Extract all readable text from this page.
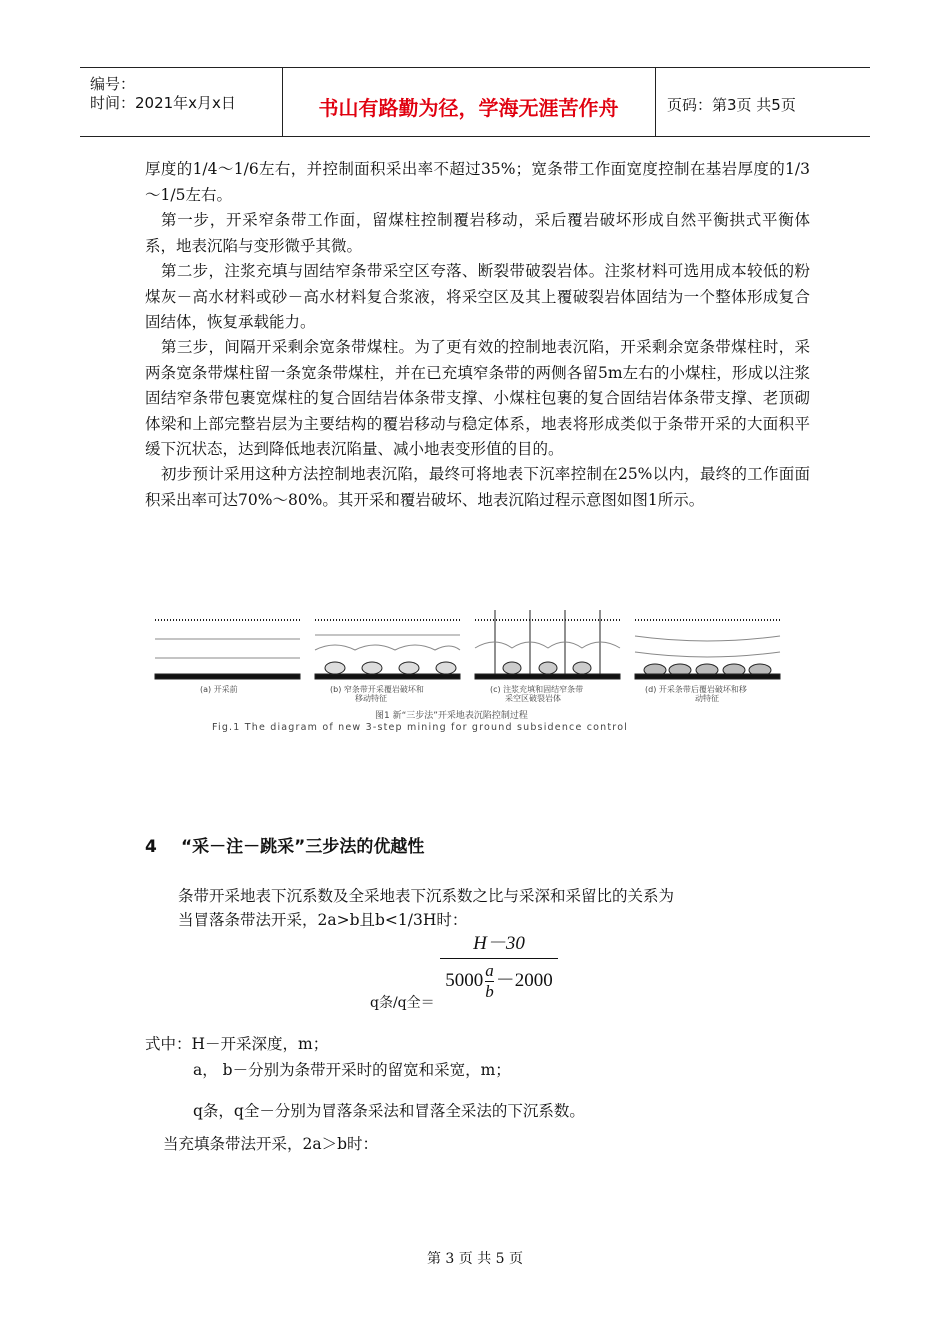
编号：
时间：2021年x月x日	书山有路勤为径，学海无涯苦作舟	页码：第3页 共5页

厚度的1/4～1/6左右，并控制面积采出率不超过35%；宽条带工作面宽度控制在基岩厚度的1/3～1/5左右。

第一步，开采窄条带工作面，留煤柱控制覆岩移动，采后覆岩破坏形成自然平衡拱式平衡体系，地表沉陷与变形微乎其微。

第二步，注浆充填与固结窄条带采空区夸落、断裂带破裂岩体。注浆材料可选用成本较低的粉煤灰－高水材料或砂－高水材料复合浆液，将采空区及其上覆破裂岩体固结为一个整体形成复合固结体，恢复承载能力。

第三步，间隔开采剩余宽条带煤柱。为了更有效的控制地表沉陷，开采剩余宽条带煤柱时，采两条宽条带煤柱留一条宽条带煤柱，并在已充填窄条带的两侧各留5m左右的小煤柱，形成以注浆固结窄条带包裹宽煤柱的复合固结岩体条带支撑、小煤柱包裹的复合固结岩体条带支撑、老顶砌体梁和上部完整岩层为主要结构的覆岩移动与稳定体系，地表将形成类似于条带开采的大面积平缓下沉状态，达到降低地表沉陷量、减小地表变形值的目的。

初步预计采用这种方法控制地表沉陷，最终可将地表下沉率控制在25%以内，最终的工作面面积采出率可达70%～80%。其开采和覆岩破坏、地表沉陷过程示意图如图1所示。

(a) 开采前	(b) 窄条带开采覆岩破坏和
移动特征
(c) 注浆充填和固结窄条带
采空区破裂岩体
(d) 开采条带后覆岩破坏和移
动特征
图1 新“三步法”开采地表沉陷控制过程
Fig.1 The diagram of new 3-step mining for ground subsidence control
4 “采－注－跳采”三步法的优越性
条带开采地表下沉系数及全采地表下沉系数之比与采深和采留比的关系为
当冒落条带法开采，2a>b且b<1/3H时：
H－30
$5000 \frac{a}{b} -2000$
q条/q全＝
式中：H－开采深度，m；
a， b－分别为条带开采时的留宽和采宽，m；
q条，q全－分别为冒落条采法和冒落全采法的下沉系数。
当充填条带法开采，2a＞b时：
第 3 页 共 5 页
